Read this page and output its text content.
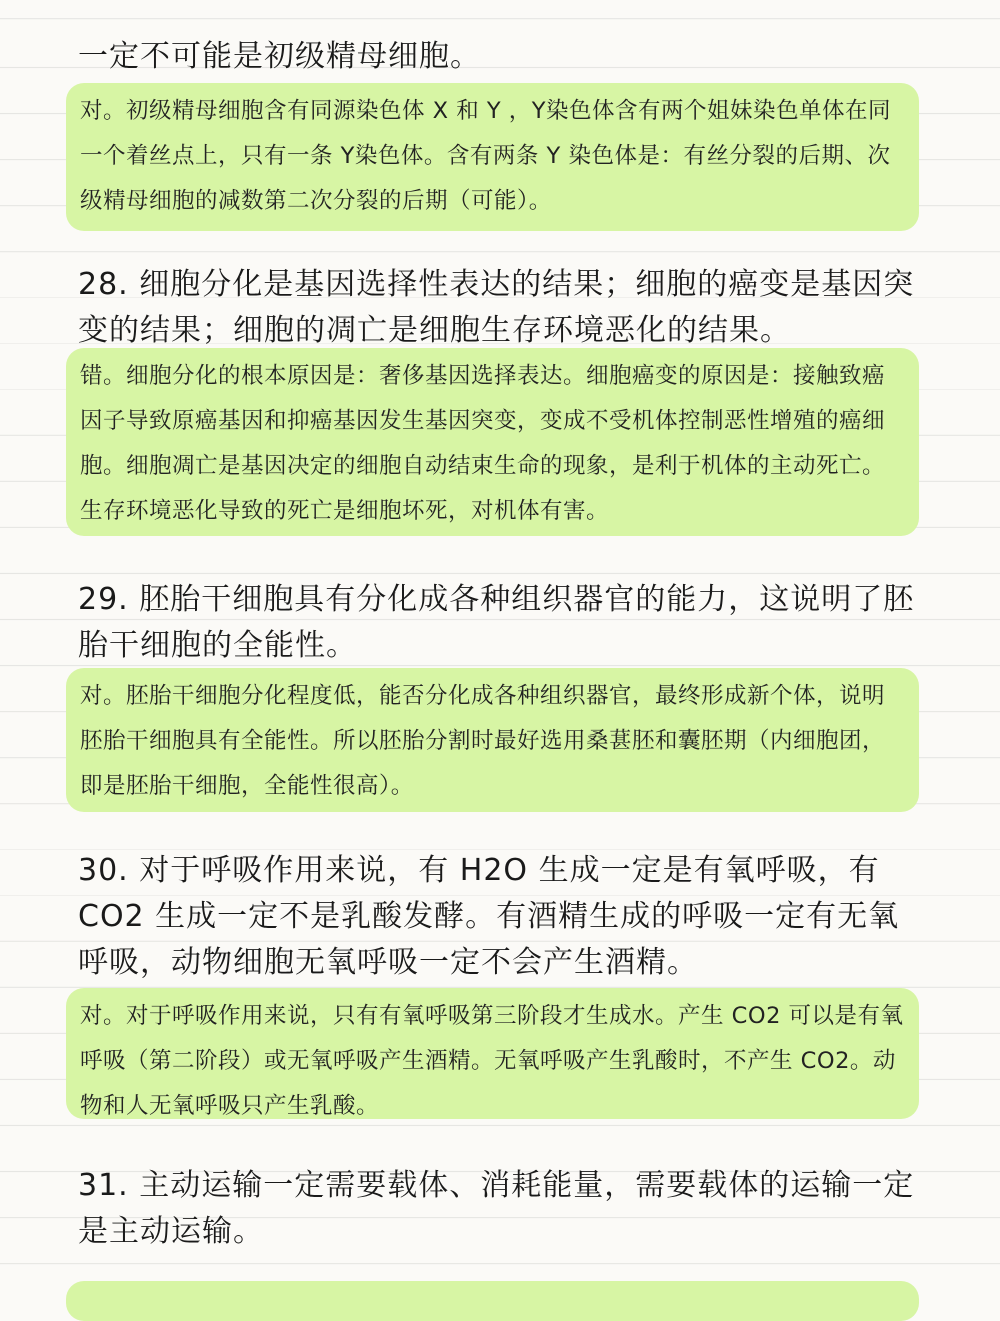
一定不可能是初级精母细胞。
对。初级精母细胞含有同源染色体 X 和 Y ，Y染色体含有两个姐妹染色单体在同一个着丝点上，只有一条 Y染色体。含有两条 Y 染色体是：有丝分裂的后期、次级精母细胞的减数第二次分裂的后期（可能）。
28. 细胞分化是基因选择性表达的结果；细胞的癌变是基因突变的结果；细胞的凋亡是细胞生存环境恶化的结果。
错。细胞分化的根本原因是：奢侈基因选择表达。细胞癌变的原因是：接触致癌因子导致原癌基因和抑癌基因发生基因突变，变成不受机体控制恶性增殖的癌细胞。细胞凋亡是基因决定的细胞自动结束生命的现象，是利于机体的主动死亡。生存环境恶化导致的死亡是细胞坏死，对机体有害。
29. 胚胎干细胞具有分化成各种组织器官的能力，这说明了胚胎干细胞的全能性。
对。胚胎干细胞分化程度低，能否分化成各种组织器官，最终形成新个体，说明胚胎干细胞具有全能性。所以胚胎分割时最好选用桑葚胚和囊胚期（内细胞团，即是胚胎干细胞，全能性很高）。
30. 对于呼吸作用来说，有 H2O 生成一定是有氧呼吸，有 CO2 生成一定不是乳酸发酵。有酒精生成的呼吸一定有无氧呼吸，动物细胞无氧呼吸一定不会产生酒精。
对。对于呼吸作用来说，只有有氧呼吸第三阶段才生成水。产生 CO2 可以是有氧呼吸（第二阶段）或无氧呼吸产生酒精。无氧呼吸产生乳酸时，不产生 CO2。动物和人无氧呼吸只产生乳酸。
31. 主动运输一定需要载体、消耗能量，需要载体的运输一定是主动运输。
